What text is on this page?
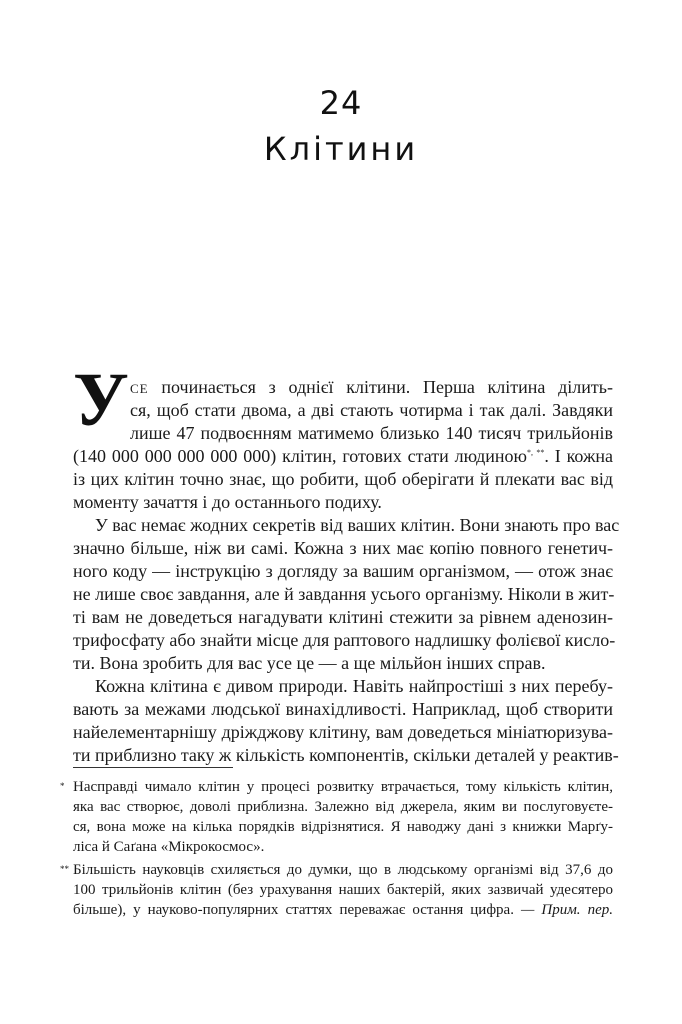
24
Клітини
У се починається з однієї клітини. Перша клітина ділить-
ся, щоб стати двома, а дві стають чотирма і так далі. Завдяки
лише 47 подвоєнням матимемо близько 140 тисяч трильйонів
(140 000 000 000 000 000) клітин, готових стати людиною*, **. І кожна
із цих клітин точно знає, що робити, щоб оберігати й плекати вас від
моменту зачаття і до останнього подиху.
У вас немає жодних секретів від ваших клітин. Вони знають про вас
значно більше, ніж ви самі. Кожна з них має копію повного генетич-
ного коду — інструкцію з догляду за вашим організмом, — отож знає
не лише своє завдання, але й завдання усього організму. Ніколи в жит-
ті вам не доведеться нагадувати клітині стежити за рівнем аденозин-
трифосфату або знайти місце для раптового надлишку фолієвої кисло-
ти. Вона зробить для вас усе це — а ще мільйон інших справ.
Кожна клітина є дивом природи. Навіть найпростіші з них перебу-
вають за межами людської винахідливості. Наприклад, щоб створити
найелементарнішу дріжджову клітину, вам доведеться мініатюризува-
ти приблизно таку ж кількість компонентів, скільки деталей у реактив-
* Насправді чимало клітин у процесі розвитку втрачається, тому кількість клітин,
яка вас створює, доволі приблизна. Залежно від джерела, яким ви послуговуєте-
ся, вона може на кілька порядків відрізнятися. Я наводжу дані з книжки Марґу-
ліса й Саґана «Мікрокосмос».
** Більшість науковців схиляється до думки, що в людському організмі від 37,6 до
100 трильйонів клітин (без урахування наших бактерій, яких зазвичай удесятеро
більше), у науково-популярних статтях переважає остання цифра. — Прим. пер.
